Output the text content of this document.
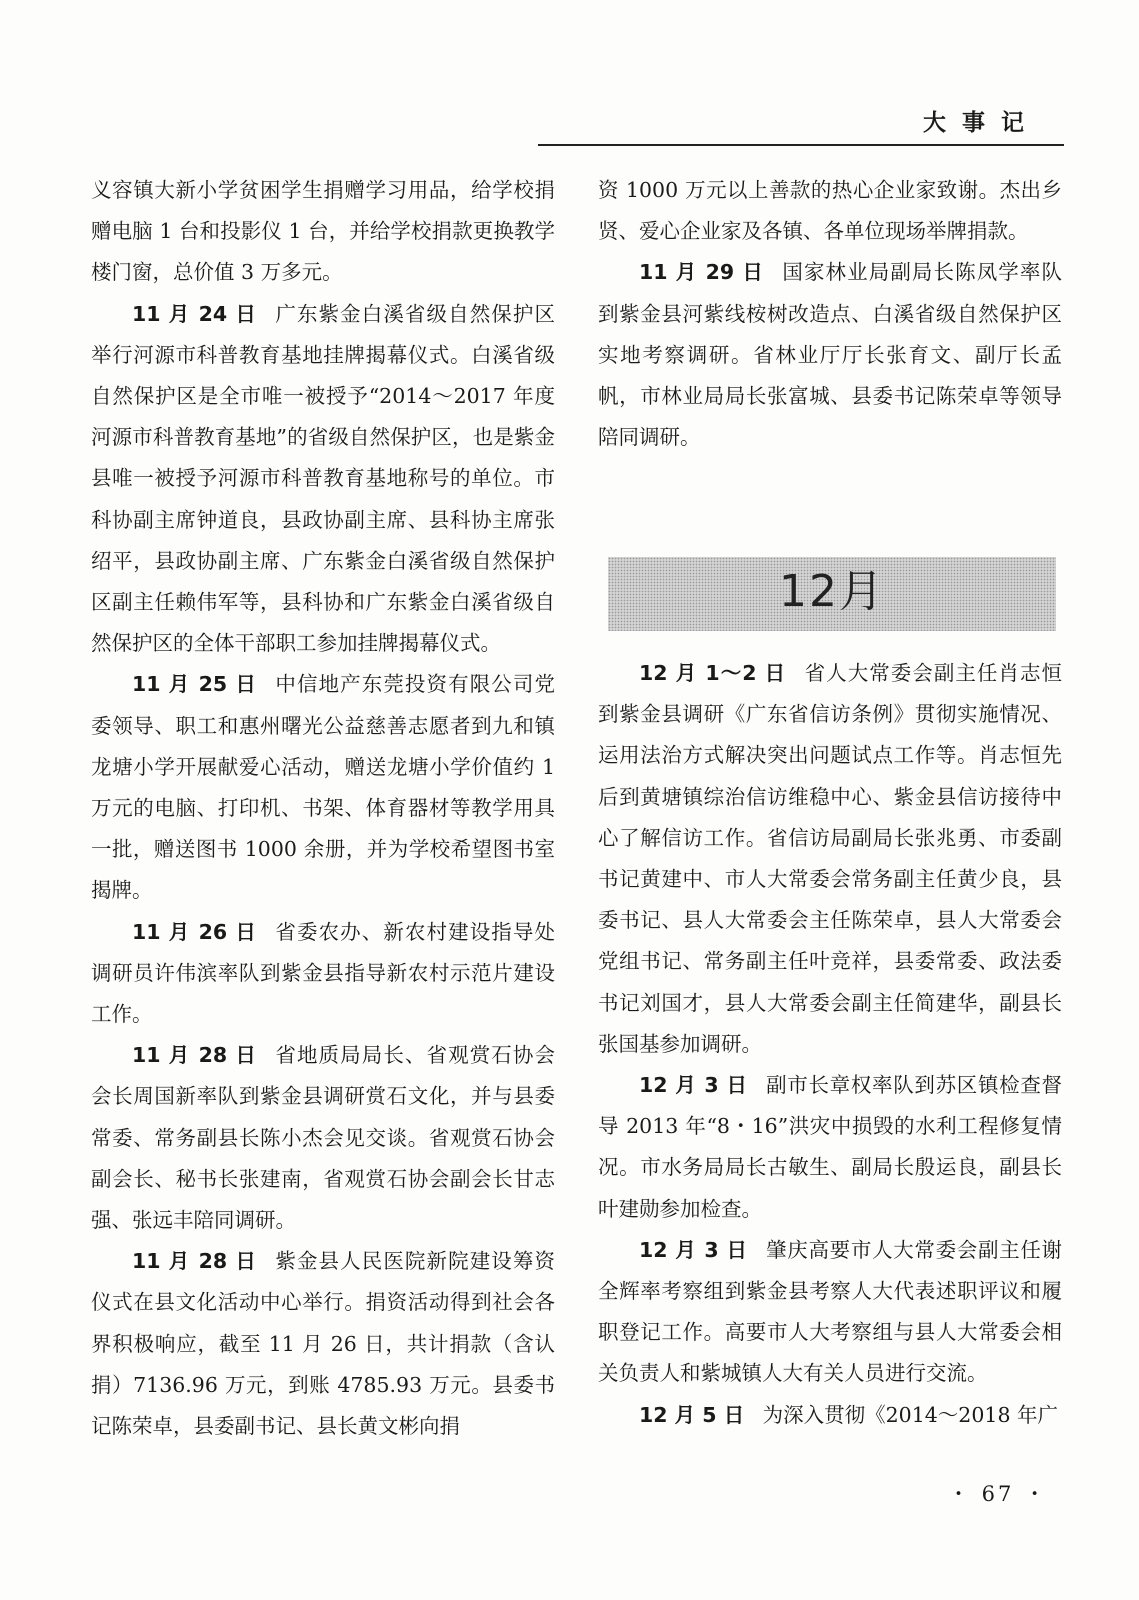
大事记

义容镇大新小学贫困学生捐赠学习用品，给学校捐赠电脑 1 台和投影仪 1 台，并给学校捐款更换教学楼门窗，总价值 3 万多元。

11 月 24 日 广东紫金白溪省级自然保护区举行河源市科普教育基地挂牌揭幕仪式。白溪省级自然保护区是全市唯一被授予“2014～2017 年度河源市科普教育基地”的省级自然保护区，也是紫金县唯一被授予河源市科普教育基地称号的单位。市科协副主席钟道良，县政协副主席、县科协主席张绍平，县政协副主席、广东紫金白溪省级自然保护区副主任赖伟军等，县科协和广东紫金白溪省级自然保护区的全体干部职工参加挂牌揭幕仪式。

11 月 25 日 中信地产东莞投资有限公司党委领导、职工和惠州曙光公益慈善志愿者到九和镇龙塘小学开展献爱心活动，赠送龙塘小学价值约 1 万元的电脑、打印机、书架、体育器材等教学用具一批，赠送图书 1000 余册，并为学校希望图书室揭牌。

11 月 26 日 省委农办、新农村建设指导处调研员许伟滨率队到紫金县指导新农村示范片建设工作。

11 月 28 日 省地质局局长、省观赏石协会会长周国新率队到紫金县调研赏石文化，并与县委常委、常务副县长陈小杰会见交谈。省观赏石协会副会长、秘书长张建南，省观赏石协会副会长甘志强、张远丰陪同调研。

11 月 28 日 紫金县人民医院新院建设筹资仪式在县文化活动中心举行。捐资活动得到社会各界积极响应，截至 11 月 26 日，共计捐款（含认捐）7136.96 万元，到账 4785.93 万元。县委书记陈荣卓，县委副书记、县长黄文彬向捐

资 1000 万元以上善款的热心企业家致谢。杰出乡贤、爱心企业家及各镇、各单位现场举牌捐款。

11 月 29 日 国家林业局副局长陈凤学率队到紫金县河紫线桉树改造点、白溪省级自然保护区实地考察调研。省林业厅厅长张育文、副厅长孟帆，市林业局局长张富城、县委书记陈荣卓等领导陪同调研。

12月

12 月 1～2 日 省人大常委会副主任肖志恒到紫金县调研《广东省信访条例》贯彻实施情况、运用法治方式解决突出问题试点工作等。肖志恒先后到黄塘镇综治信访维稳中心、紫金县信访接待中心了解信访工作。省信访局副局长张兆勇、市委副书记黄建中、市人大常委会常务副主任黄少良，县委书记、县人大常委会主任陈荣卓，县人大常委会党组书记、常务副主任叶竞祥，县委常委、政法委书记刘国才，县人大常委会副主任简建华，副县长张国基参加调研。

12 月 3 日 副市长章权率队到苏区镇检查督导 2013 年“8・16”洪灾中损毁的水利工程修复情况。市水务局局长古敏生、副局长殷运良，副县长叶建勋参加检查。

12 月 3 日 肇庆高要市人大常委会副主任谢全辉率考察组到紫金县考察人大代表述职评议和履职登记工作。高要市人大考察组与县人大常委会相关负责人和紫城镇人大有关人员进行交流。

12 月 5 日 为深入贯彻《2014～2018 年广

・ 67 ・
